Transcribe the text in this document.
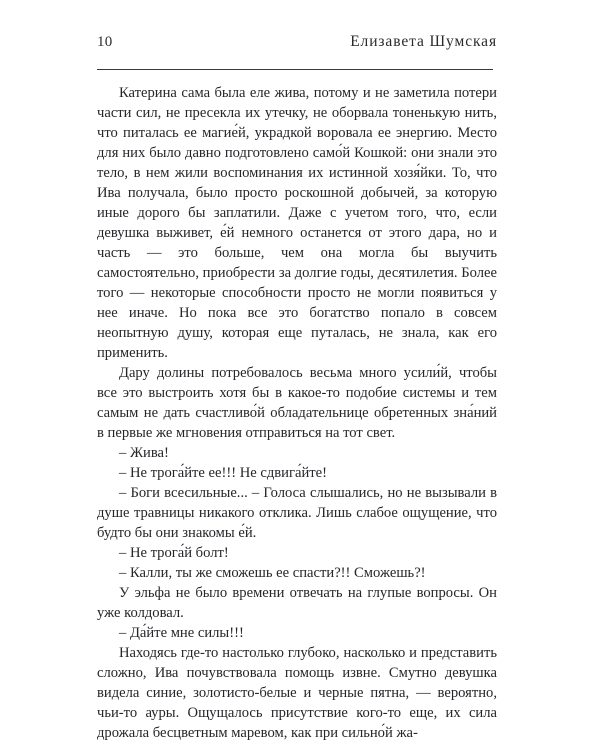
10	Елизавета Шумская

Катерина сама была еле жива, потому и не заметила потери части сил, не пресекла их утечку, не оборвала тоненькую нить, что питалась ее магие́й, украдкой воровала ее энергию. Место для них было давно подготовлено само́й Кошкой: они знали это тело, в нем жили воспоминания их истинной хозя́йки. То, что Ива получала, было просто роскошной добычей, за которую иные дорого бы заплатили. Даже с учетом того, что, если девушка выживет, е́й немного останется от этого дара, но и часть — это больше, чем она могла бы выучить самостоятельно, приобрести за долгие годы, десятилетия. Более того — некоторые способности просто не могли появиться у нее иначе. Но пока все это богатство попало в совсем неопытную душу, которая еще путалась, не знала, как его применить.

Дару долины потребовалось весьма много усили́й, чтобы все это выстроить хотя бы в какое-то подобие системы и тем самым не дать счастливо́й обладательнице обретенных зна́ний в первые же мгновения отправиться на тот свет.

– Жива!

– Не трога́йте ее!!! Не сдвига́йте!

– Боги всесильные... – Голоса слышались, но не вызывали в душе травницы никакого отклика. Лишь слабое ощущение, что будто бы они знакомы е́й.

– Не трога́й болт!

– Калли, ты же сможешь ее спасти?!! Сможешь?!

У эльфа не было времени отвечать на глупые вопросы. Он уже колдовал.

– Да́йте мне силы!!!

Находясь где-то настолько глубоко, насколько и представить сложно, Ива почувствовала помощь извне. Смутно девушка видела синие, золотисто-белые и черные пятна, — вероятно, чьи-то ауры. Ощущалось присутствие кого-то еще, их сила дрожала бесцветным маревом, как при сильно́й жа-
